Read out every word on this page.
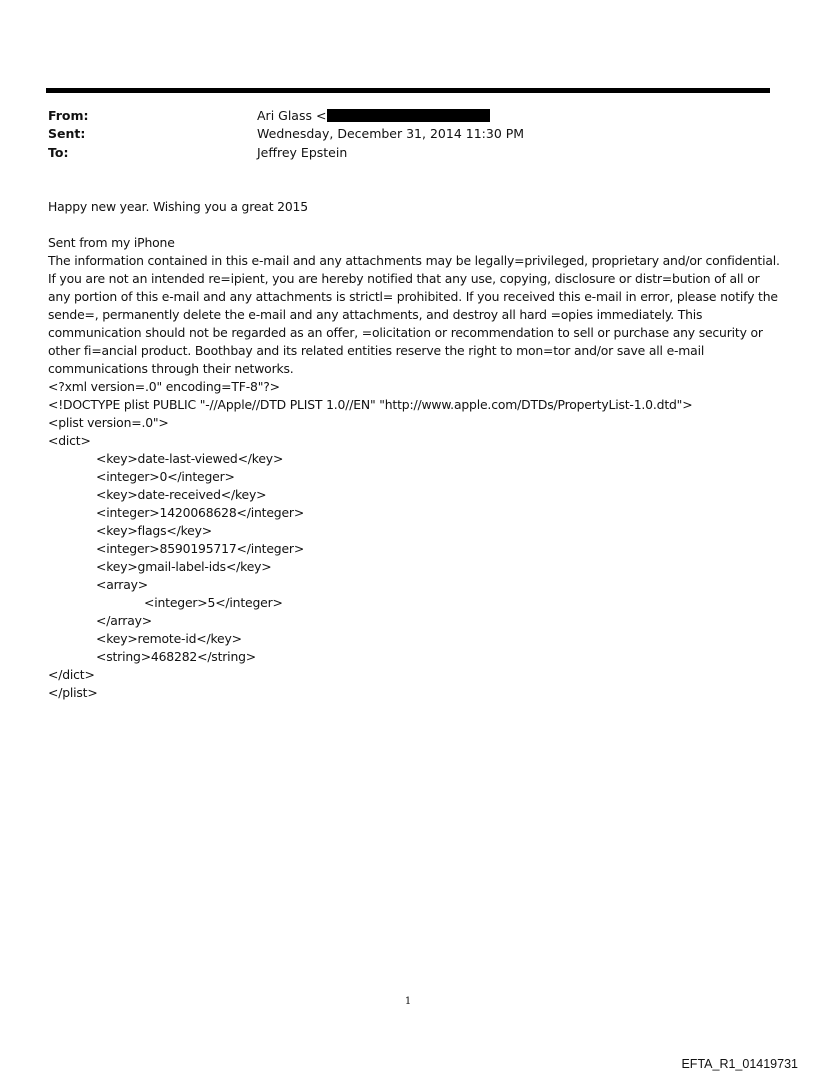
From:	Ari Glass <
Sent:	Wednesday, December 31, 2014 11:30 PM
To:	Jeffrey Epstein
Happy new year. Wishing you a great 2015
Sent from my iPhone
The information contained in this e-mail and any attachments may be legally=privileged, proprietary and/or confidential.
If you are not an intended re=ipient, you are hereby notified that any use, copying, disclosure or distr=bution of all or
any portion of this e-mail and any attachments is strictl= prohibited. If you received this e-mail in error, please notify the
sende=, permanently delete the e-mail and any attachments, and destroy all hard =opies immediately. This
communication should not be regarded as an offer, =olicitation or recommendation to sell or purchase any security or
other fi=ancial product. Boothbay and its related entities reserve the right to mon=tor and/or save all e-mail
communications through their networks.
<?xml version=.0" encoding=TF-8"?>
<!DOCTYPE plist PUBLIC "-//Apple//DTD PLIST 1.0//EN" "http://www.apple.com/DTDs/PropertyList-1.0.dtd">
<plist version=.0">
<dict>
<key>date-last-viewed</key>
<integer>0</integer>
<key>date-received</key>
<integer>1420068628</integer>
<key>flags</key>
<integer>8590195717</integer>
<key>gmail-label-ids</key>
<array>
<integer>5</integer>
</array>
<key>remote-id</key>
<string>468282</string>
</dict>
</plist>
1
EFTA_R1_01419731
